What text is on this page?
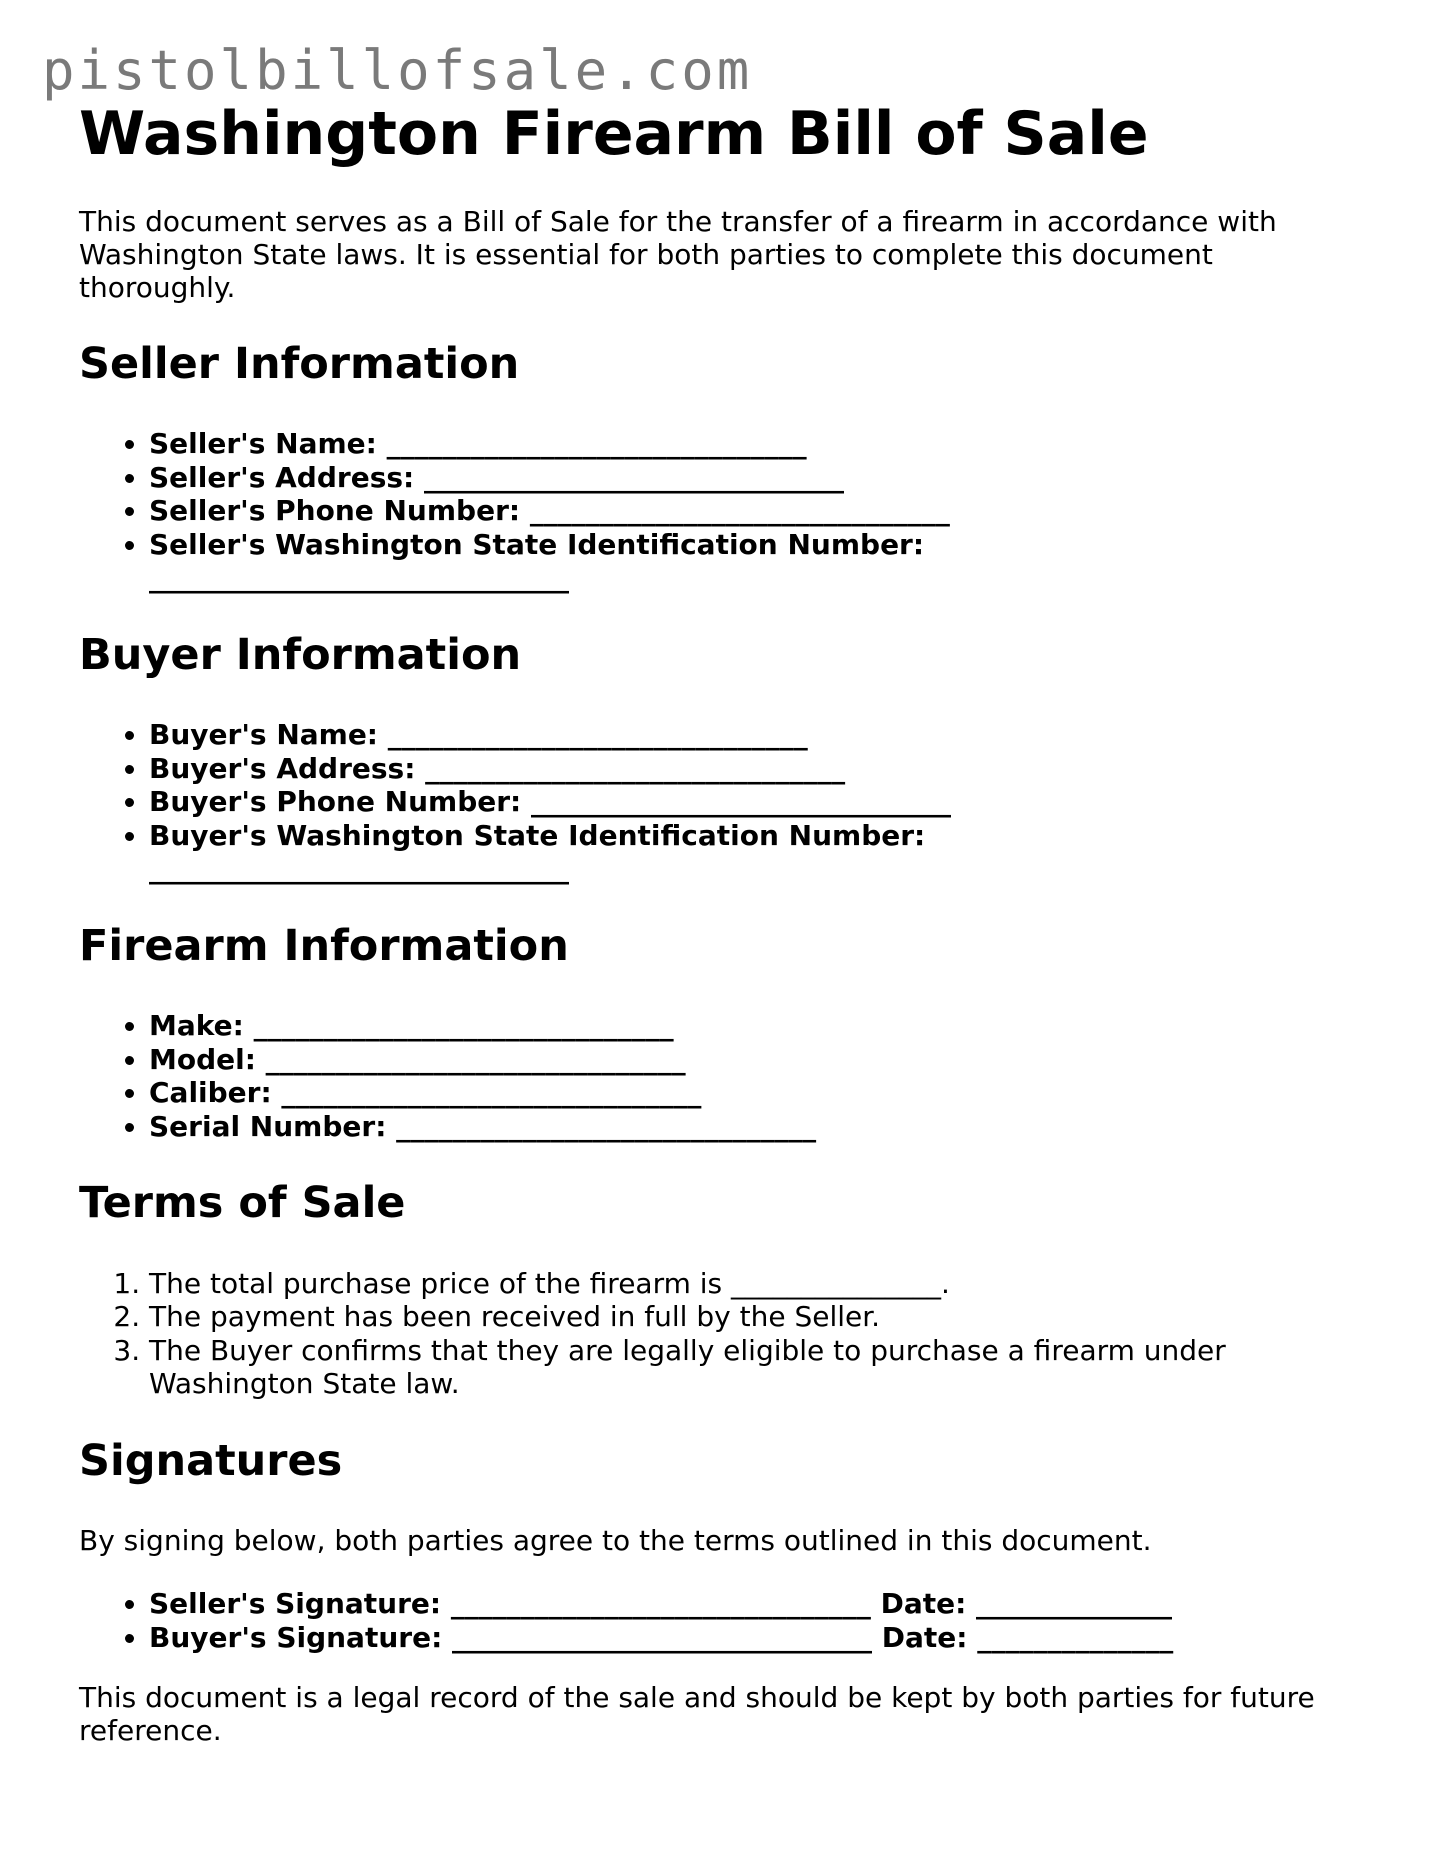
pistolbillofsale.com
Washington Firearm Bill of Sale

This document serves as a Bill of Sale for the transfer of a firearm in accordance with Washington State laws. It is essential for both parties to complete this document thoroughly.

Seller Information
• Seller's Name: ______________________________
• Seller's Address: ______________________________
• Seller's Phone Number: ______________________________
• Seller's Washington State Identification Number: ______________________________
Buyer Information
• Buyer's Name: ______________________________
• Buyer's Address: ______________________________
• Buyer's Phone Number: ______________________________
• Buyer's Washington State Identification Number: ______________________________
Firearm Information
• Make: ______________________________
• Model: ______________________________
• Caliber: ______________________________
• Serial Number: ______________________________
Terms of Sale
1. The total purchase price of the firearm is _______________.
2. The payment has been received in full by the Seller.
3. The Buyer confirms that they are legally eligible to purchase a firearm under Washington State law.
Signatures

By signing below, both parties agree to the terms outlined in this document.

• Seller's Signature: ______________________________ Date: ______________
• Buyer's Signature: ______________________________ Date: ______________

This document is a legal record of the sale and should be kept by both parties for future reference.
